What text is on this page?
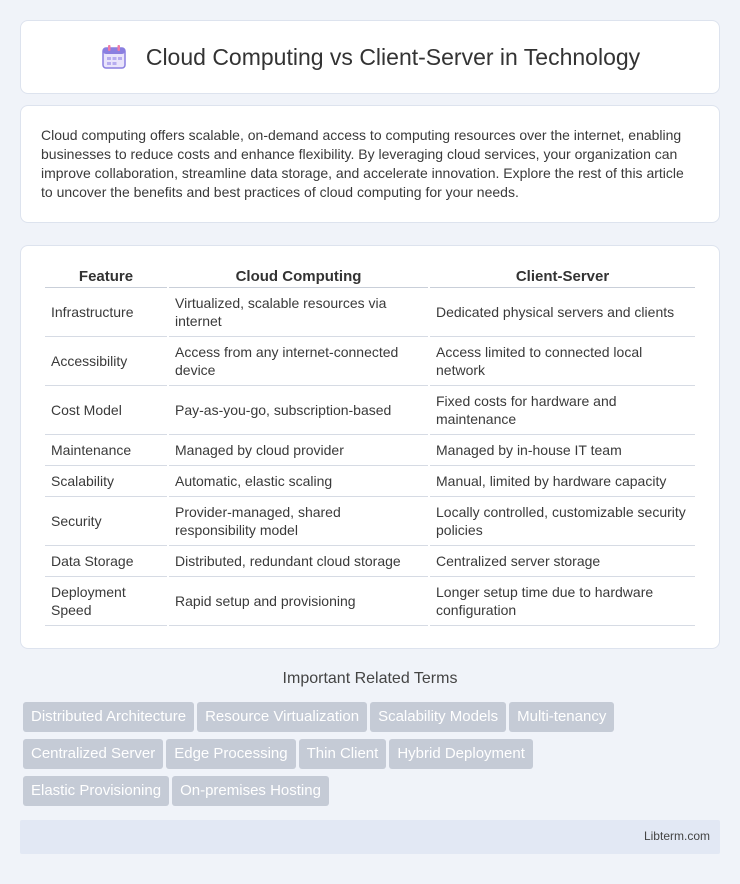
Cloud Computing vs Client-Server in Technology

Cloud computing offers scalable, on-demand access to computing resources over the internet, enabling businesses to reduce costs and enhance flexibility. By leveraging cloud services, your organization can improve collaboration, streamline data storage, and accelerate innovation. Explore the rest of this article to uncover the benefits and best practices of cloud computing for your needs.

Feature	Cloud Computing	Client-Server
Infrastructure	Virtualized, scalable resources via internet	Dedicated physical servers and clients
Accessibility	Access from any internet-connected device	Access limited to connected local network
Cost Model	Pay-as-you-go, subscription-based	Fixed costs for hardware and maintenance
Maintenance	Managed by cloud provider	Managed by in-house IT team
Scalability	Automatic, elastic scaling	Manual, limited by hardware capacity
Security	Provider-managed, shared responsibility model	Locally controlled, customizable security policies
Data Storage	Distributed, redundant cloud storage	Centralized server storage
Deployment Speed	Rapid setup and provisioning	Longer setup time due to hardware configuration
Important Related Terms
Distributed Architecture Resource Virtualization Scalability Models Multi-tenancy
Centralized Server Edge Processing Thin Client Hybrid Deployment
Elastic Provisioning On-premises Hosting
Libterm.com
